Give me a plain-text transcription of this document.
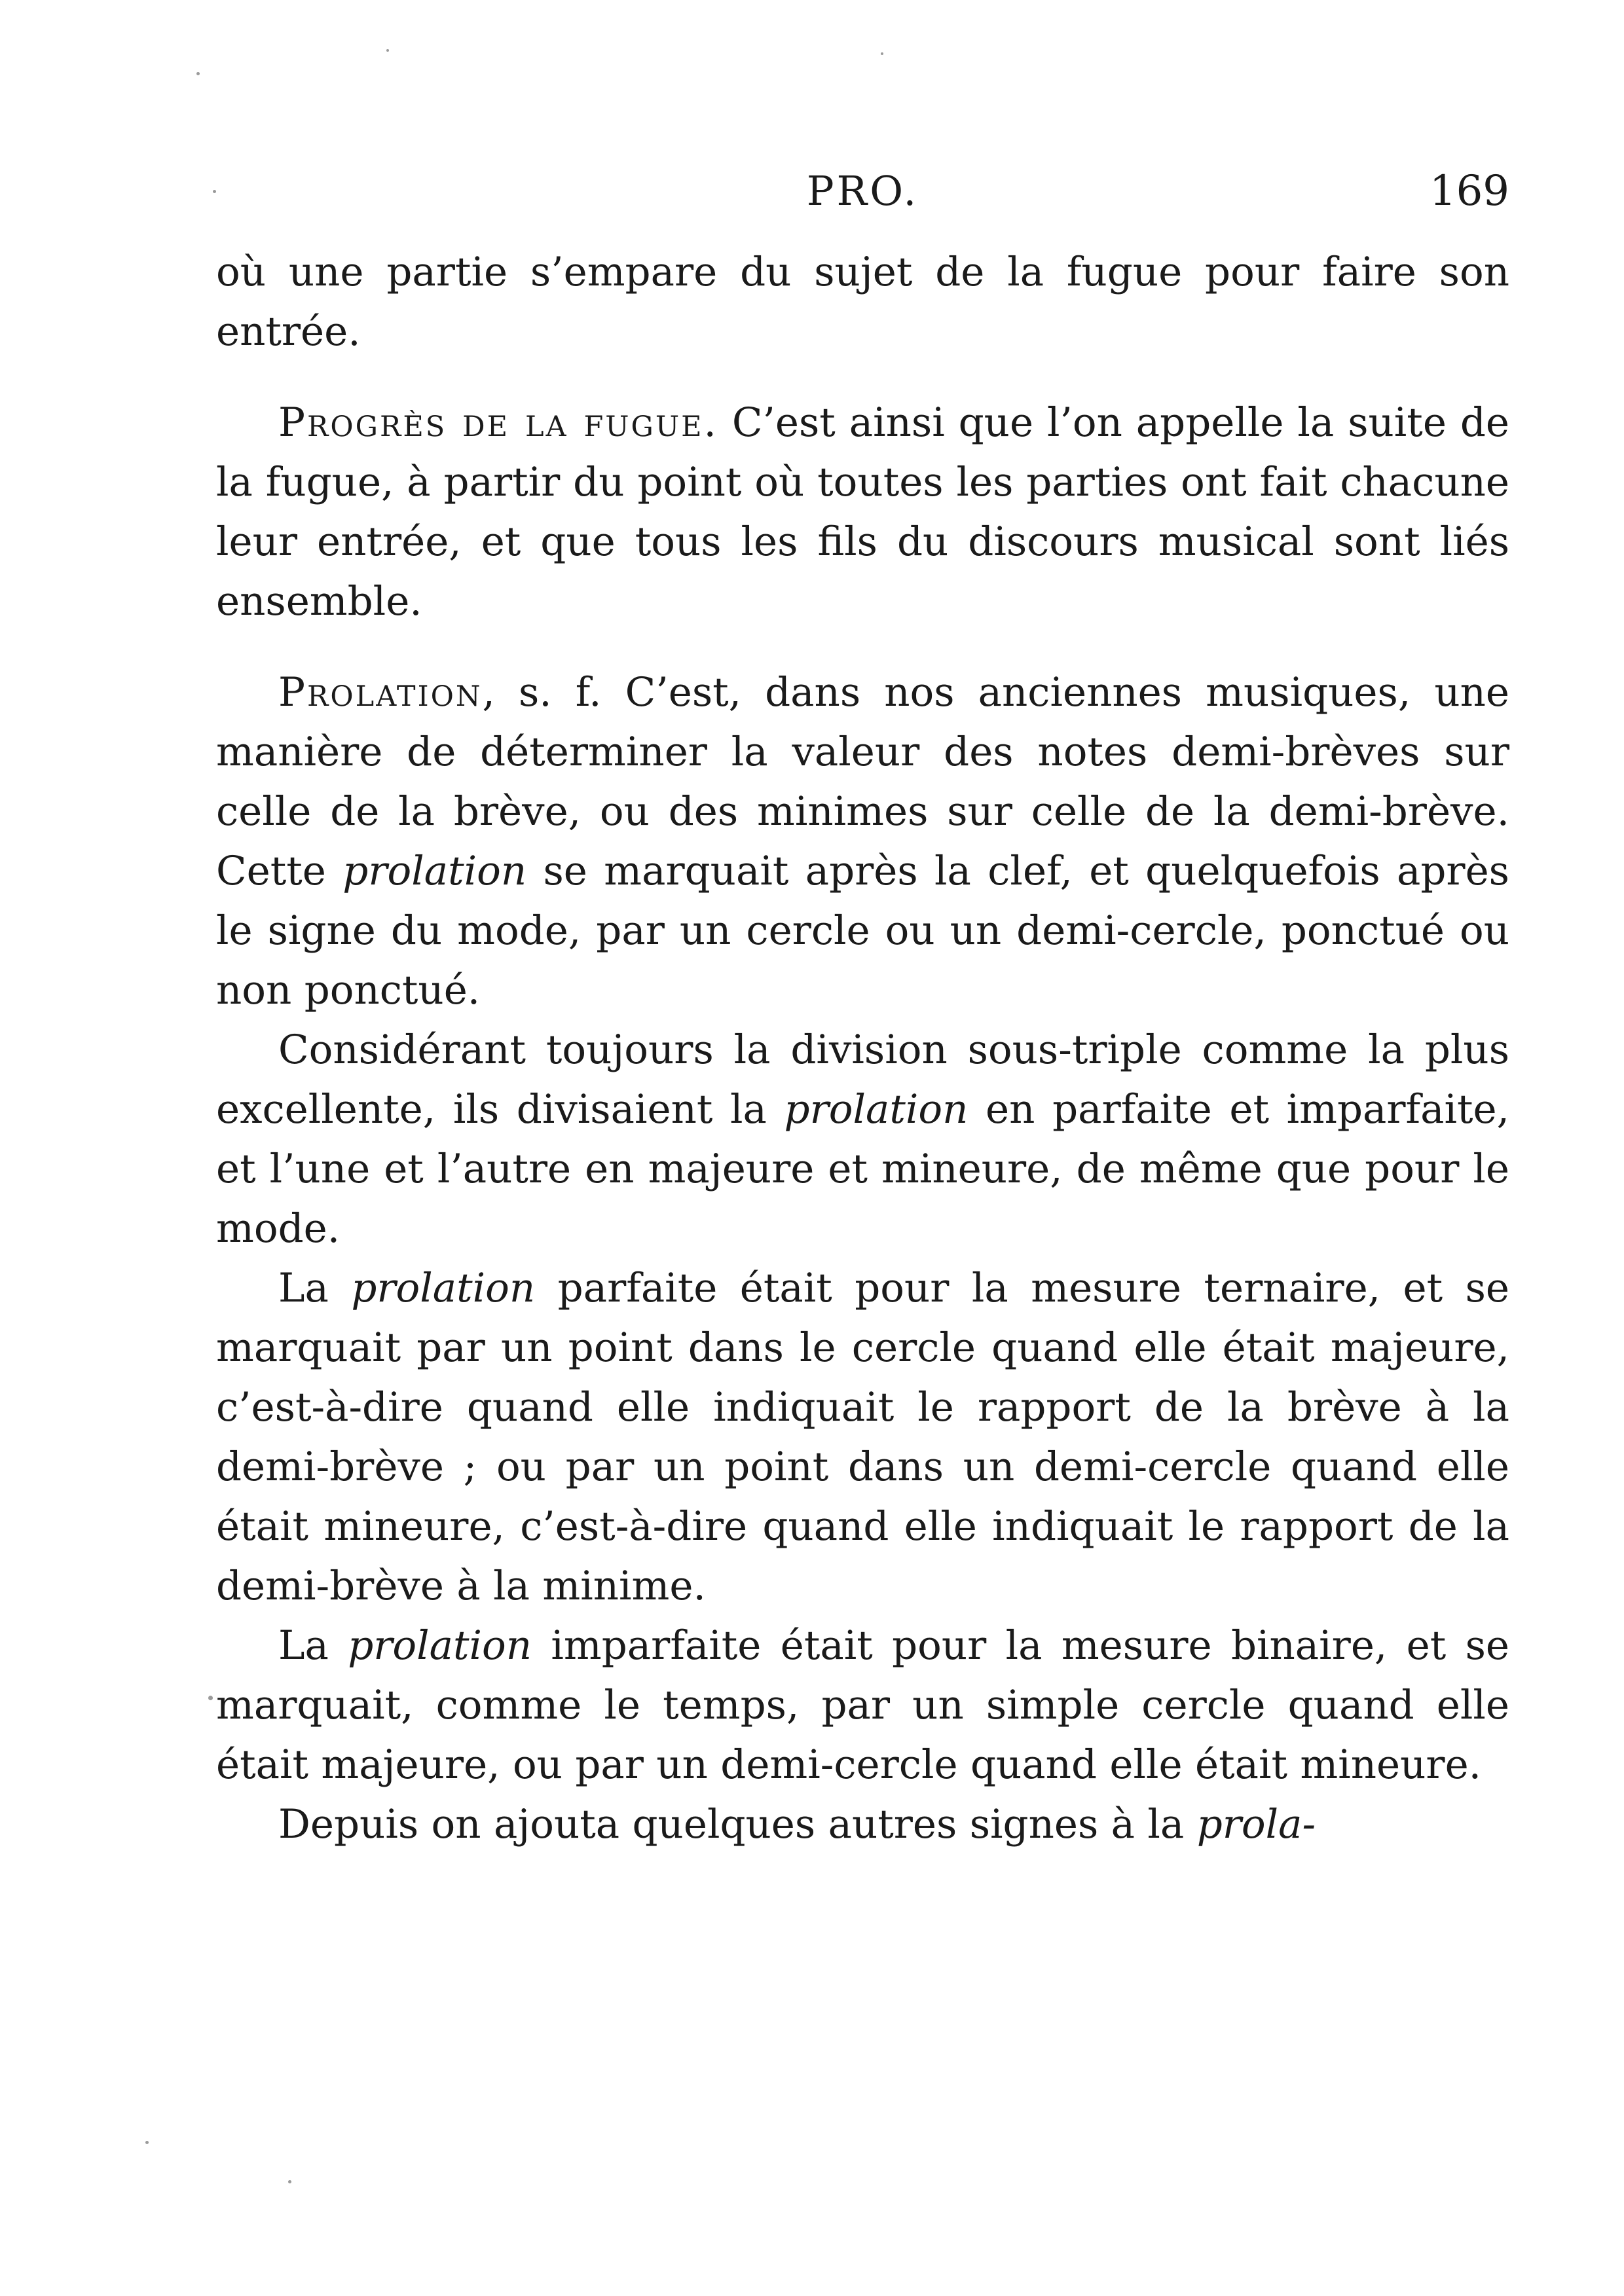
PRO.	169

où une partie s’empare du sujet de la fugue pour faire son entrée.

Progrès de la fugue. C’est ainsi que l’on appelle la suite de la fugue, à partir du point où toutes les parties ont fait chacune leur entrée, et que tous les fils du discours musical sont liés ensemble.

Prolation, s. f. C’est, dans nos anciennes musiques, une manière de déterminer la valeur des notes demi-brèves sur celle de la brève, ou des minimes sur celle de la demi-brève. Cette prolation se marquait après la clef, et quelquefois après le signe du mode, par un cercle ou un demi-cercle, ponctué ou non ponctué.

Considérant toujours la division sous-triple comme la plus excellente, ils divisaient la prolation en parfaite et imparfaite, et l’une et l’autre en majeure et mineure, de même que pour le mode.

La prolation parfaite était pour la mesure ternaire, et se marquait par un point dans le cercle quand elle était majeure, c’est-à-dire quand elle indiquait le rapport de la brève à la demi-brève ; ou par un point dans un demi-cercle quand elle était mineure, c’est-à-dire quand elle indiquait le rapport de la demi-brève à la minime.

La prolation imparfaite était pour la mesure binaire, et se marquait, comme le temps, par un simple cercle quand elle était majeure, ou par un demi-cercle quand elle était mineure.

Depuis on ajouta quelques autres signes à la prola-
